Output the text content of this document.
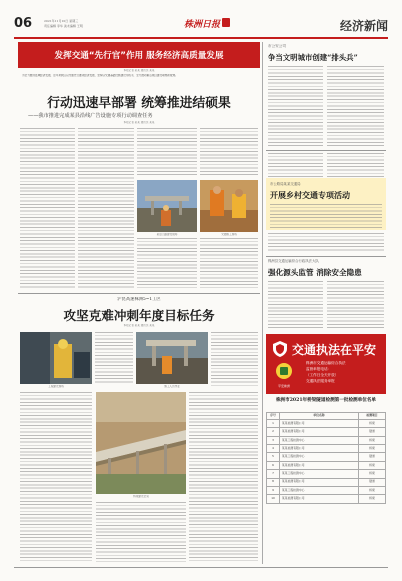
06	2021年11月10日 星期三
责任编辑 李华 美术编辑 王明	株洲日报	经济新闻
发挥交通“先行官”作用 服务经济高质量发展
本报记者 某某 通讯员 某某
为全力推进县域经济发展，近年来我区以交通先行推动经济发展，坚持以交通基础设施建设为抓手，全力推动重点项目建设取得新成效。
行动迅速早部署 统筹推进结硕果
——我市推进完成某县沿线广告设施专项行动调查任务
本报记者 某某 通讯员 某某
某县公路建设现场	交通施工现场
沪昆高速株洲5~1工区
攻坚克难冲刺年度目标任务
本报记者 某某 通讯员 某某
工程建设现场	施工人员作业
桥梁建设全景
市公安公司
争当文明城市创建“排头兵”
市公路局某某交通局
开展乡村交通专项活动
株洲县交通运输综合行政执法大队
强化源头监管 消除安全隐患
交通执法在平安
平安株洲
株洲市交通运输综合执法
监督举报电话：
（工作日全天开放）
交通执法服务举报
株洲市2021年桥梁隧道检测第一批检测单位名单
序号	单位名称	检测项目
1	某某检测有限公司	桥梁
2	某某检测有限公司	隧道
3	某某工程检测中心	桥梁
4	某某检测有限公司	桥梁
5	某某工程检测中心	隧道
6	某某检测有限公司	桥梁
7	某某工程检测中心	桥梁
8	某某检测有限公司	隧道
9	某某工程检测中心	桥梁
10	某某检测有限公司	桥梁
